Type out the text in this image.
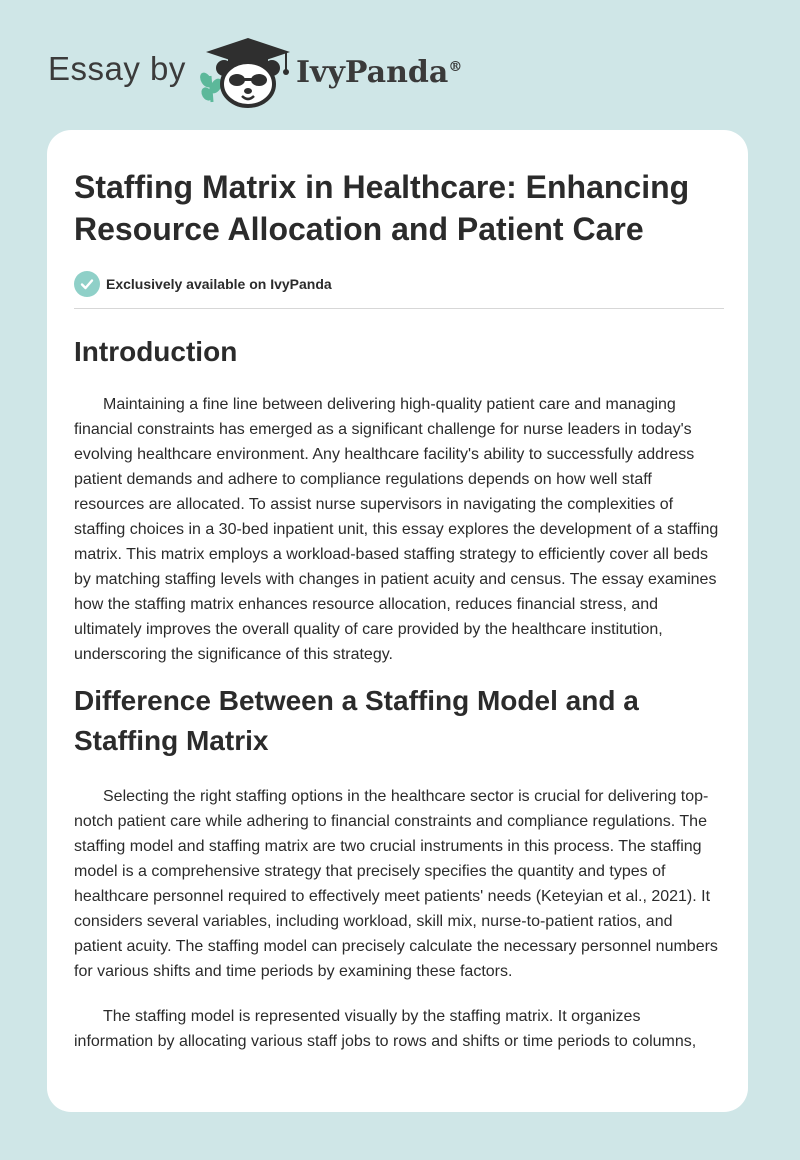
Essay by	IvyPanda®
Staffing Matrix in Healthcare: Enhancing Resource Allocation and Patient Care
Exclusively available on IvyPanda
Introduction

Maintaining a fine line between delivering high-quality patient care and managing financial constraints has emerged as a significant challenge for nurse leaders in today's evolving healthcare environment. Any healthcare facility's ability to successfully address patient demands and adhere to compliance regulations depends on how well staff resources are allocated. To assist nurse supervisors in navigating the complexities of staffing choices in a 30-bed inpatient unit, this essay explores the development of a staffing matrix. This matrix employs a workload-based staffing strategy to efficiently cover all beds by matching staffing levels with changes in patient acuity and census. The essay examines how the staffing matrix enhances resource allocation, reduces financial stress, and ultimately improves the overall quality of care provided by the healthcare institution, underscoring the significance of this strategy.

Difference Between a Staffing Model and a Staffing Matrix

Selecting the right staffing options in the healthcare sector is crucial for delivering top-notch patient care while adhering to financial constraints and compliance regulations. The staffing model and staffing matrix are two crucial instruments in this process. The staffing model is a comprehensive strategy that precisely specifies the quantity and types of healthcare personnel required to effectively meet patients' needs (Keteyian et al., 2021). It considers several variables, including workload, skill mix, nurse-to-patient ratios, and patient acuity. The staffing model can precisely calculate the necessary personnel numbers for various shifts and time periods by examining these factors.

The staffing model is represented visually by the staffing matrix. It organizes information by allocating various staff jobs to rows and shifts or time periods to columns,
